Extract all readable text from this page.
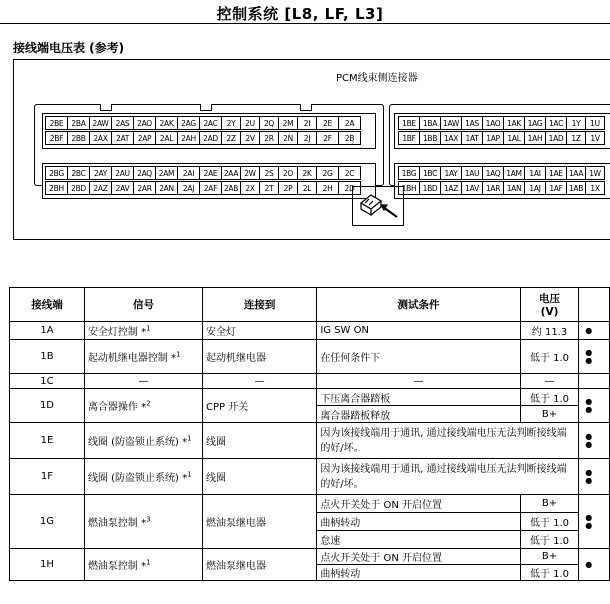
控制系统 [L8, LF, L3]
接线端电压表 (参考)
PCM线束侧连接器
2BE	2BA 2AW 2AS	2AO	2AK	2AG	2AC	2Y	2U	2Q	2M	2I	2E	2A
2BF	2BB	2AX	2AT	2AP	2AL	2AH 2AD	2Z	2V	2R	2N	2J	2F	2B
2BG	2BC	2AY	2AU 2AQ 2AM	2AI	2AE 2AA 2W	2S	2O	2K	2G	2C
2BH 2BD	2AZ	2AV	2AR	2AN	2AJ	2AF 2AB 2X	2T	2P	2L	2H	2D
1BE 1BA 1AW 1AS 1AO 1AK 1AG 1AC	1Y	1U
1BF 1BB 1AX 1AT	1AP	1AL 1AH 1AD	1Z	1V
1BG 1BC 1AY 1AU 1AQ 1AM	1AI	1AE 1AA 1W
1BH 1BD 1AZ 1AV 1AR 1AN	1AJ	1AF 1AB 1X
接线端	信号	连接到	测试条件	电压
(V)	

1A	安全灯控制 *$^1$	安全灯	IG SW ON	约 11.3	●

1B	起动机继电器控制 *$^1$	起动机继电器	在任何条件下	低于 1.0	●
●

1C	—	—	—	—	
1D	离合器操作 *$^2$	CPP 开关	下压离合器踏板	低于 1.0	●
●

			离合器踏板释放	B+	
1E	线圈 (防盗锁止系统) *$^1$	线圈	因为该接线端用于通讯, 通过接线端电压无法判断接线端的好/坏。		●
●

1F	线圈 (防盗锁止系统) *$^1$	线圈	因为该接线端用于通讯, 通过接线端电压无法判断接线端的好/坏。		●
●

1G	燃油泵控制 *$^3$	燃油泵继电器	点火开关处于 ON 开启位置	B+	●
●

			曲柄转动	低于 1.0	
			怠速	低于 1.0	
1H	燃油泵控制 *$^1$	燃油泵继电器	点火开关处于 ON 开启位置	B+	●

			曲柄转动	低于 1.0	
